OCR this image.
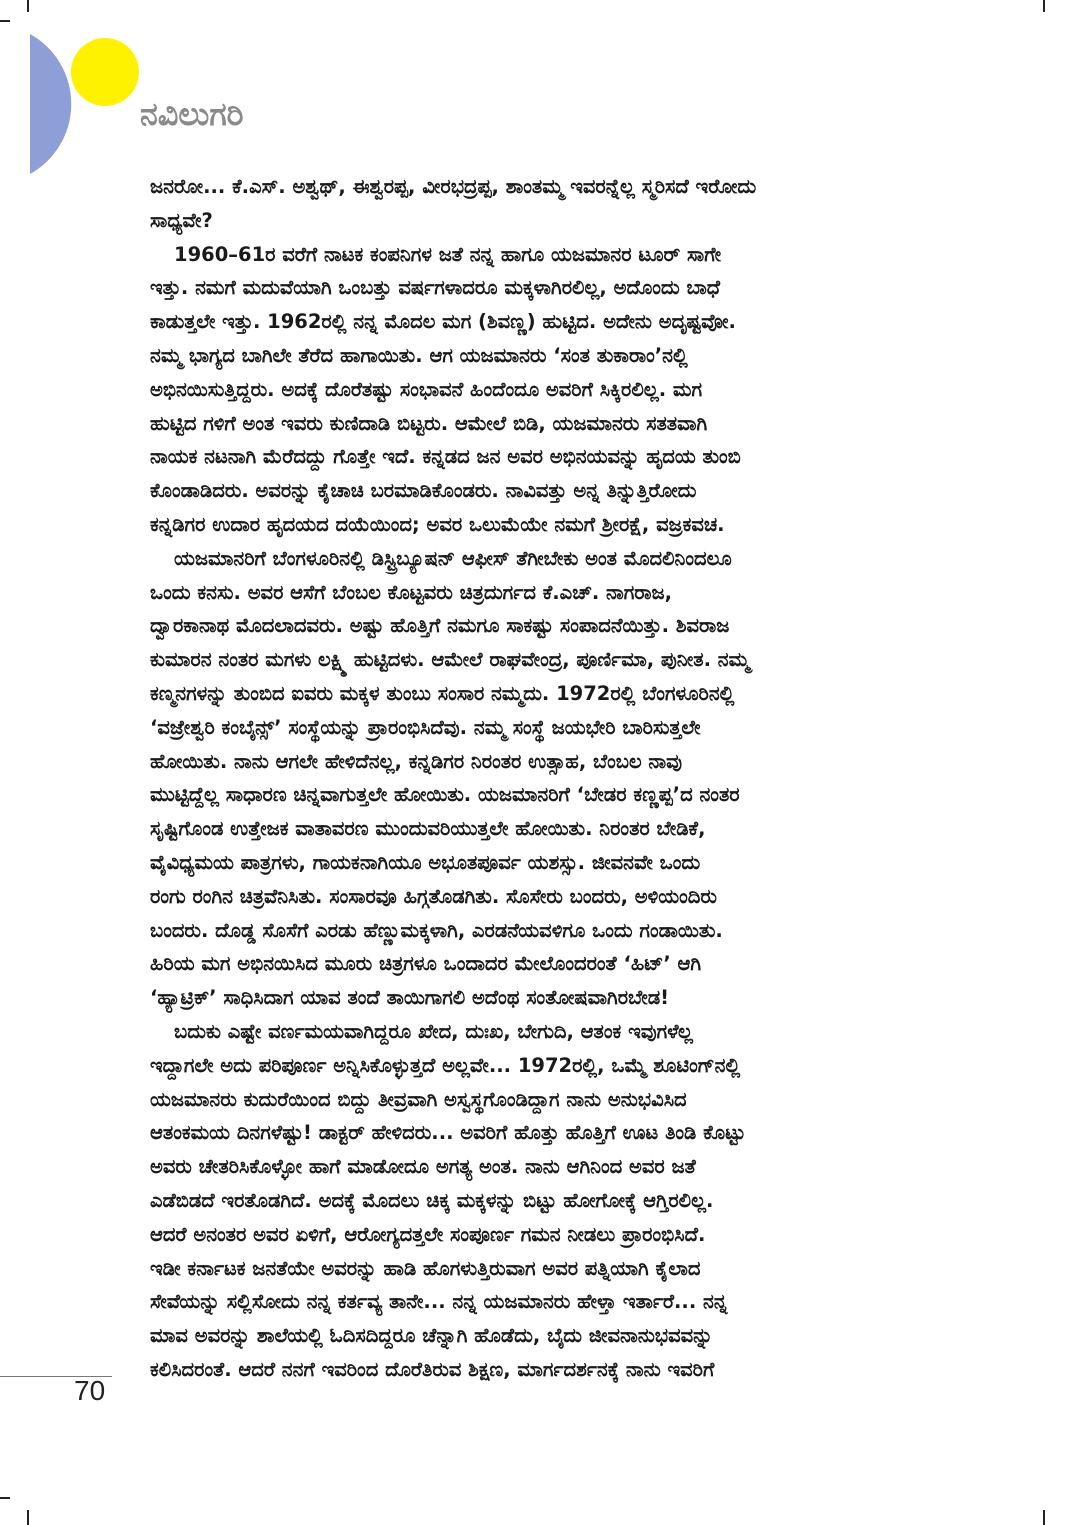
ನವಿಲುಗರಿ
ಜನರೋ... ಕೆ.ಎಸ್. ಅಶ್ವಥ್, ಈಶ್ವರಪ್ಪ, ವೀರಭದ್ರಪ್ಪ, ಶಾಂತಮ್ಮ ಇವರನ್ನೆಲ್ಲ ಸ್ಮರಿಸದೆ ಇರೋದು
ಸಾಧ್ಯವೇ?
1960–61ರ ವರೆಗೆ ನಾಟಕ ಕಂಪನಿಗಳ ಜತೆ ನನ್ನ ಹಾಗೂ ಯಜಮಾನರ ಟೂರ್ ಸಾಗೇ
ಇತ್ತು. ನಮಗೆ ಮದುವೆಯಾಗಿ ಒಂಬತ್ತು ವರ್ಷಗಳಾದರೂ ಮಕ್ಕಳಾಗಿರಲಿಲ್ಲ, ಅದೊಂದು ಬಾಧೆ
ಕಾಡುತ್ತಲೇ ಇತ್ತು. 1962ರಲ್ಲಿ ನನ್ನ ಮೊದಲ ಮಗ (ಶಿವಣ್ಣ) ಹುಟ್ಟಿದ. ಅದೇನು ಅದೃಷ್ಟವೋ.
ನಮ್ಮ ಭಾಗ್ಯದ ಬಾಗಿಲೇ ತೆರೆದ ಹಾಗಾಯಿತು. ಆಗ ಯಜಮಾನರು ‘ಸಂತ ತುಕಾರಾಂ’ನಲ್ಲಿ
ಅಭಿನಯಿಸುತ್ತಿದ್ದರು. ಅದಕ್ಕೆ ದೊರೆತಷ್ಟು ಸಂಭಾವನೆ ಹಿಂದೆಂದೂ ಅವರಿಗೆ ಸಿಕ್ಕಿರಲಿಲ್ಲ. ಮಗ
ಹುಟ್ಟಿದ ಗಳಿಗೆ ಅಂತ ಇವರು ಕುಣಿದಾಡಿ ಬಿಟ್ಟರು. ಆಮೇಲೆ ಬಿಡಿ, ಯಜಮಾನರು ಸತತವಾಗಿ
ನಾಯಕ ನಟನಾಗಿ ಮೆರೆದದ್ದು ಗೊತ್ತೇ ಇದೆ. ಕನ್ನಡದ ಜನ ಅವರ ಅಭಿನಯವನ್ನು ಹೃದಯ ತುಂಬಿ
ಕೊಂಡಾಡಿದರು. ಅವರನ್ನು ಕೈಚಾಚಿ ಬರಮಾಡಿಕೊಂಡರು. ನಾವಿವತ್ತು ಅನ್ನ ತಿನ್ನುತ್ತಿರೋದು
ಕನ್ನಡಿಗರ ಉದಾರ ಹೃದಯದ ದಯೆಯಿಂದ; ಅವರ ಒಲುಮೆಯೇ ನಮಗೆ ಶ್ರೀರಕ್ಷೆ, ವಜ್ರಕವಚ.
ಯಜಮಾನರಿಗೆ ಬೆಂಗಳೂರಿನಲ್ಲಿ ಡಿಸ್ಟ್ರಿಬ್ಯೂಷನ್ ಆಫೀಸ್ ತೆಗೀಬೇಕು ಅಂತ ಮೊದಲಿನಿಂದಲೂ
ಒಂದು ಕನಸು. ಅವರ ಆಸೆಗೆ ಬೆಂಬಲ ಕೊಟ್ಟವರು ಚಿತ್ರದುರ್ಗದ ಕೆ.ಎಚ್. ನಾಗರಾಜ,
ದ್ವಾರಕಾನಾಥ ಮೊದಲಾದವರು. ಅಷ್ಟು ಹೊತ್ತಿಗೆ ನಮಗೂ ಸಾಕಷ್ಟು ಸಂಪಾದನೆಯಿತ್ತು. ಶಿವರಾಜ
ಕುಮಾರನ ನಂತರ ಮಗಳು ಲಕ್ಷ್ಮಿ ಹುಟ್ಟಿದಳು. ಆಮೇಲೆ ರಾಘವೇಂದ್ರ, ಪೂರ್ಣಿಮಾ, ಪುನೀತ. ನಮ್ಮ
ಕಣ್ಮನಗಳನ್ನು ತುಂಬಿದ ಐವರು ಮಕ್ಕಳ ತುಂಬು ಸಂಸಾರ ನಮ್ಮದು. 1972ರಲ್ಲಿ ಬೆಂಗಳೂರಿನಲ್ಲಿ
‘ವಜ್ರೇಶ್ವರಿ ಕಂಬೈನ್ಸ್’ ಸಂಸ್ಥೆಯನ್ನು ಪ್ರಾರಂಭಿಸಿದೆವು. ನಮ್ಮ ಸಂಸ್ಥೆ ಜಯಭೇರಿ ಬಾರಿಸುತ್ತಲೇ
ಹೋಯಿತು. ನಾನು ಆಗಲೇ ಹೇಳಿದೆನಲ್ಲ, ಕನ್ನಡಿಗರ ನಿರಂತರ ಉತ್ಸಾಹ, ಬೆಂಬಲ ನಾವು
ಮುಟ್ಟಿದ್ದೆಲ್ಲ ಸಾಧಾರಣ ಚಿನ್ನವಾಗುತ್ತಲೇ ಹೋಯಿತು. ಯಜಮಾನರಿಗೆ ‘ಬೇಡರ ಕಣ್ಣಪ್ಪ’ದ ನಂತರ
ಸೃಷ್ಟಿಗೊಂಡ ಉತ್ತೇಜಕ ವಾತಾವರಣ ಮುಂದುವರಿಯುತ್ತಲೇ ಹೋಯಿತು. ನಿರಂತರ ಬೇಡಿಕೆ,
ವೈವಿಧ್ಯಮಯ ಪಾತ್ರಗಳು, ಗಾಯಕನಾಗಿಯೂ ಅಭೂತಪೂರ್ವ ಯಶಸ್ಸು. ಜೀವನವೇ ಒಂದು
ರಂಗು ರಂಗಿನ ಚಿತ್ರವೆನಿಸಿತು. ಸಂಸಾರವೂ ಹಿಗ್ಗತೊಡಗಿತು. ಸೊಸೇರು ಬಂದರು, ಅಳಿಯಂದಿರು
ಬಂದರು. ದೊಡ್ಡ ಸೊಸೆಗೆ ಎರಡು ಹೆಣ್ಣುಮಕ್ಕಳಾಗಿ, ಎರಡನೆಯವಳಿಗೂ ಒಂದು ಗಂಡಾಯಿತು.
ಹಿರಿಯ ಮಗ ಅಭಿನಯಿಸಿದ ಮೂರು ಚಿತ್ರಗಳೂ ಒಂದಾದರ ಮೇಲೊಂದರಂತೆ ‘ಹಿಟ್’ ಆಗಿ
‘ಹ್ಯಾಟ್ರಿಕ್’ ಸಾಧಿಸಿದಾಗ ಯಾವ ತಂದೆ ತಾಯಿಗಾಗಲಿ ಅದೆಂಥ ಸಂತೋಷವಾಗಿರಬೇಡ!
ಬದುಕು ಎಷ್ಟೇ ವರ್ಣಮಯವಾಗಿದ್ದರೂ ಖೇದ, ದುಃಖ, ಬೇಗುದಿ, ಆತಂಕ ಇವುಗಳೆಲ್ಲ
ಇದ್ದಾಗಲೇ ಅದು ಪರಿಪೂರ್ಣ ಅನ್ನಿಸಿಕೊಳ್ಳುತ್ತದೆ ಅಲ್ಲವೇ... 1972ರಲ್ಲಿ, ಒಮ್ಮೆ ಶೂಟಿಂಗ್‌ನಲ್ಲಿ
ಯಜಮಾನರು ಕುದುರೆಯಿಂದ ಬಿದ್ದು ತೀವ್ರವಾಗಿ ಅಸ್ವಸ್ಥಗೊಂಡಿದ್ದಾಗ ನಾನು ಅನುಭವಿಸಿದ
ಆತಂಕಮಯ ದಿನಗಳೆಷ್ಟು! ಡಾಕ್ಟರ್ ಹೇಳಿದರು... ಅವರಿಗೆ ಹೊತ್ತು ಹೊತ್ತಿಗೆ ಊಟ ತಿಂಡಿ ಕೊಟ್ಟು
ಅವರು ಚೇತರಿಸಿಕೊಳ್ಳೋ ಹಾಗೆ ಮಾಡೋದೂ ಅಗತ್ಯ ಅಂತ. ನಾನು ಆಗಿನಿಂದ ಅವರ ಜತೆ
ಎಡೆಬಿಡದೆ ಇರತೊಡಗಿದೆ. ಅದಕ್ಕೆ ಮೊದಲು ಚಿಕ್ಕ ಮಕ್ಕಳನ್ನು ಬಿಟ್ಟು ಹೋಗೋಕ್ಕೆ ಆಗ್ತಿರಲಿಲ್ಲ.
ಆದರೆ ಅನಂತರ ಅವರ ಏಳಿಗೆ, ಆರೋಗ್ಯದತ್ತಲೇ ಸಂಪೂರ್ಣ ಗಮನ ನೀಡಲು ಪ್ರಾರಂಭಿಸಿದೆ.
ಇಡೀ ಕರ್ನಾಟಕ ಜನತೆಯೇ ಅವರನ್ನು ಹಾಡಿ ಹೊಗಳುತ್ತಿರುವಾಗ ಅವರ ಪತ್ನಿಯಾಗಿ ಕೈಲಾದ
ಸೇವೆಯನ್ನು ಸಲ್ಲಿಸೋದು ನನ್ನ ಕರ್ತವ್ಯ ತಾನೇ... ನನ್ನ ಯಜಮಾನರು ಹೇಳ್ತಾ ಇರ್ತಾರೆ... ನನ್ನ
ಮಾವ ಅವರನ್ನು ಶಾಲೆಯಲ್ಲಿ ಓದಿಸದಿದ್ದರೂ ಚೆನ್ನಾಗಿ ಹೊಡೆದು, ಬೈದು ಜೀವನಾನುಭವವನ್ನು
ಕಲಿಸಿದರಂತೆ. ಆದರೆ ನನಗೆ ಇವರಿಂದ ದೊರೆತಿರುವ ಶಿಕ್ಷಣ, ಮಾರ್ಗದರ್ಶನಕ್ಕೆ ನಾನು ಇವರಿಗೆ
70
